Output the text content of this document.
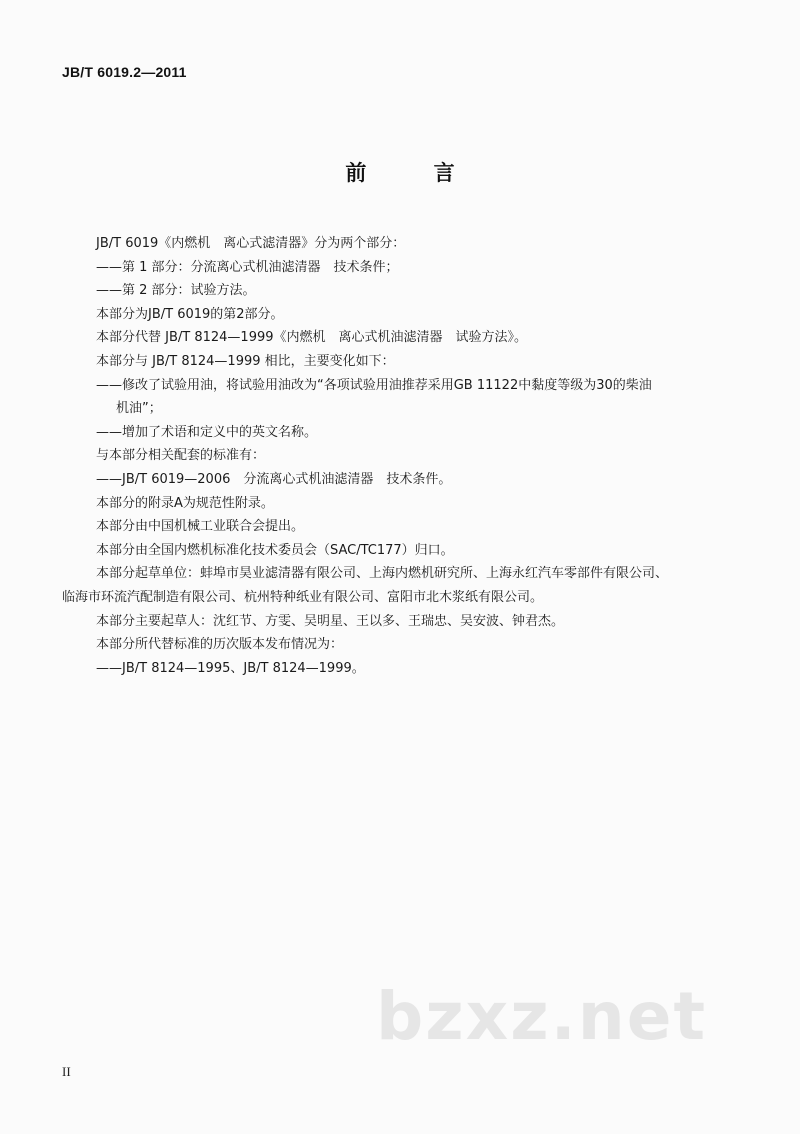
JB/T 6019.2—2011
前 言

JB/T 6019《内燃机　离心式滤清器》分为两个部分：

——第 1 部分：分流离心式机油滤清器　技术条件；

——第 2 部分：试验方法。

本部分为JB/T 6019的第2部分。

本部分代替 JB/T 8124—1999《内燃机　离心式机油滤清器　试验方法》。

本部分与 JB/T 8124—1999 相比，主要变化如下：

——修改了试验用油，将试验用油改为“各项试验用油推荐采用GB 11122中黏度等级为30的柴油

机油”；

——增加了术语和定义中的英文名称。

与本部分相关配套的标准有：

——JB/T 6019—2006　分流离心式机油滤清器　技术条件。

本部分的附录A为规范性附录。

本部分由中国机械工业联合会提出。

本部分由全国内燃机标准化技术委员会（SAC/TC177）归口。

本部分起草单位：蚌埠市昊业滤清器有限公司、上海内燃机研究所、上海永红汽车零部件有限公司、

临海市环流汽配制造有限公司、杭州特种纸业有限公司、富阳市北木浆纸有限公司。

本部分主要起草人：沈红节、方雯、吴明星、王以多、王瑞忠、吴安波、钟君杰。

本部分所代替标准的历次版本发布情况为：

——JB/T 8124—1995、JB/T 8124—1999。

bzxz.net
II
